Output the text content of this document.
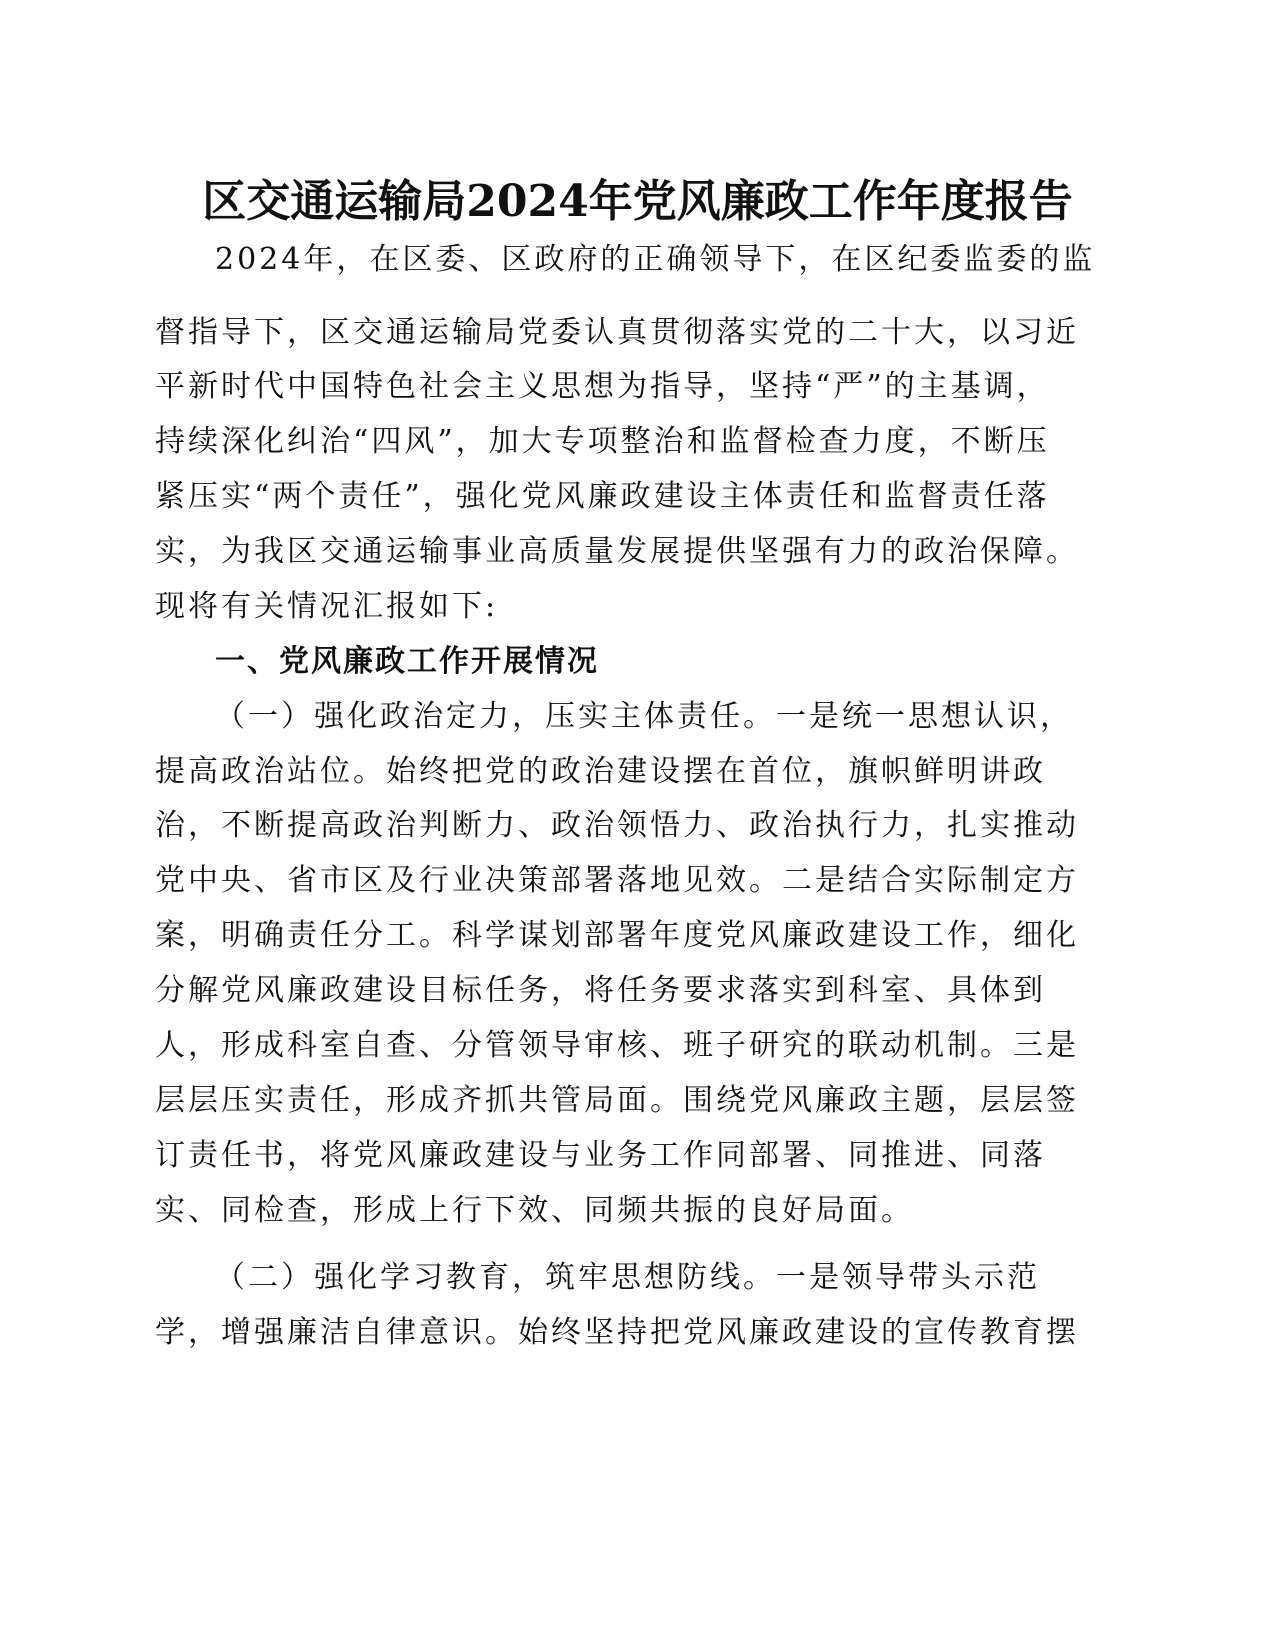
区交通运输局2024年党风廉政工作年度报告
2024年，在区委、区政府的正确领导下，在区纪委监委的监
督指导下，区交通运输局党委认真贯彻落实党的二十大，以习近
平新时代中国特色社会主义思想为指导，坚持“严”的主基调，
持续深化纠治“四风”，加大专项整治和监督检查力度，不断压
紧压实“两个责任”，强化党风廉政建设主体责任和监督责任落
实，为我区交通运输事业高质量发展提供坚强有力的政治保障。
现将有关情况汇报如下:
一、党风廉政工作开展情况
（一）强化政治定力，压实主体责任。一是统一思想认识，
提高政治站位。始终把党的政治建设摆在首位，旗帜鲜明讲政
治，不断提高政治判断力、政治领悟力、政治执行力，扎实推动
党中央、省市区及行业决策部署落地见效。二是结合实际制定方
案，明确责任分工。科学谋划部署年度党风廉政建设工作，细化
分解党风廉政建设目标任务，将任务要求落实到科室、具体到
人，形成科室自查、分管领导审核、班子研究的联动机制。三是
层层压实责任，形成齐抓共管局面。围绕党风廉政主题，层层签
订责任书，将党风廉政建设与业务工作同部署、同推进、同落
实、同检查，形成上行下效、同频共振的良好局面。
（二）强化学习教育，筑牢思想防线。一是领导带头示范
学，增强廉洁自律意识。始终坚持把党风廉政建设的宣传教育摆
